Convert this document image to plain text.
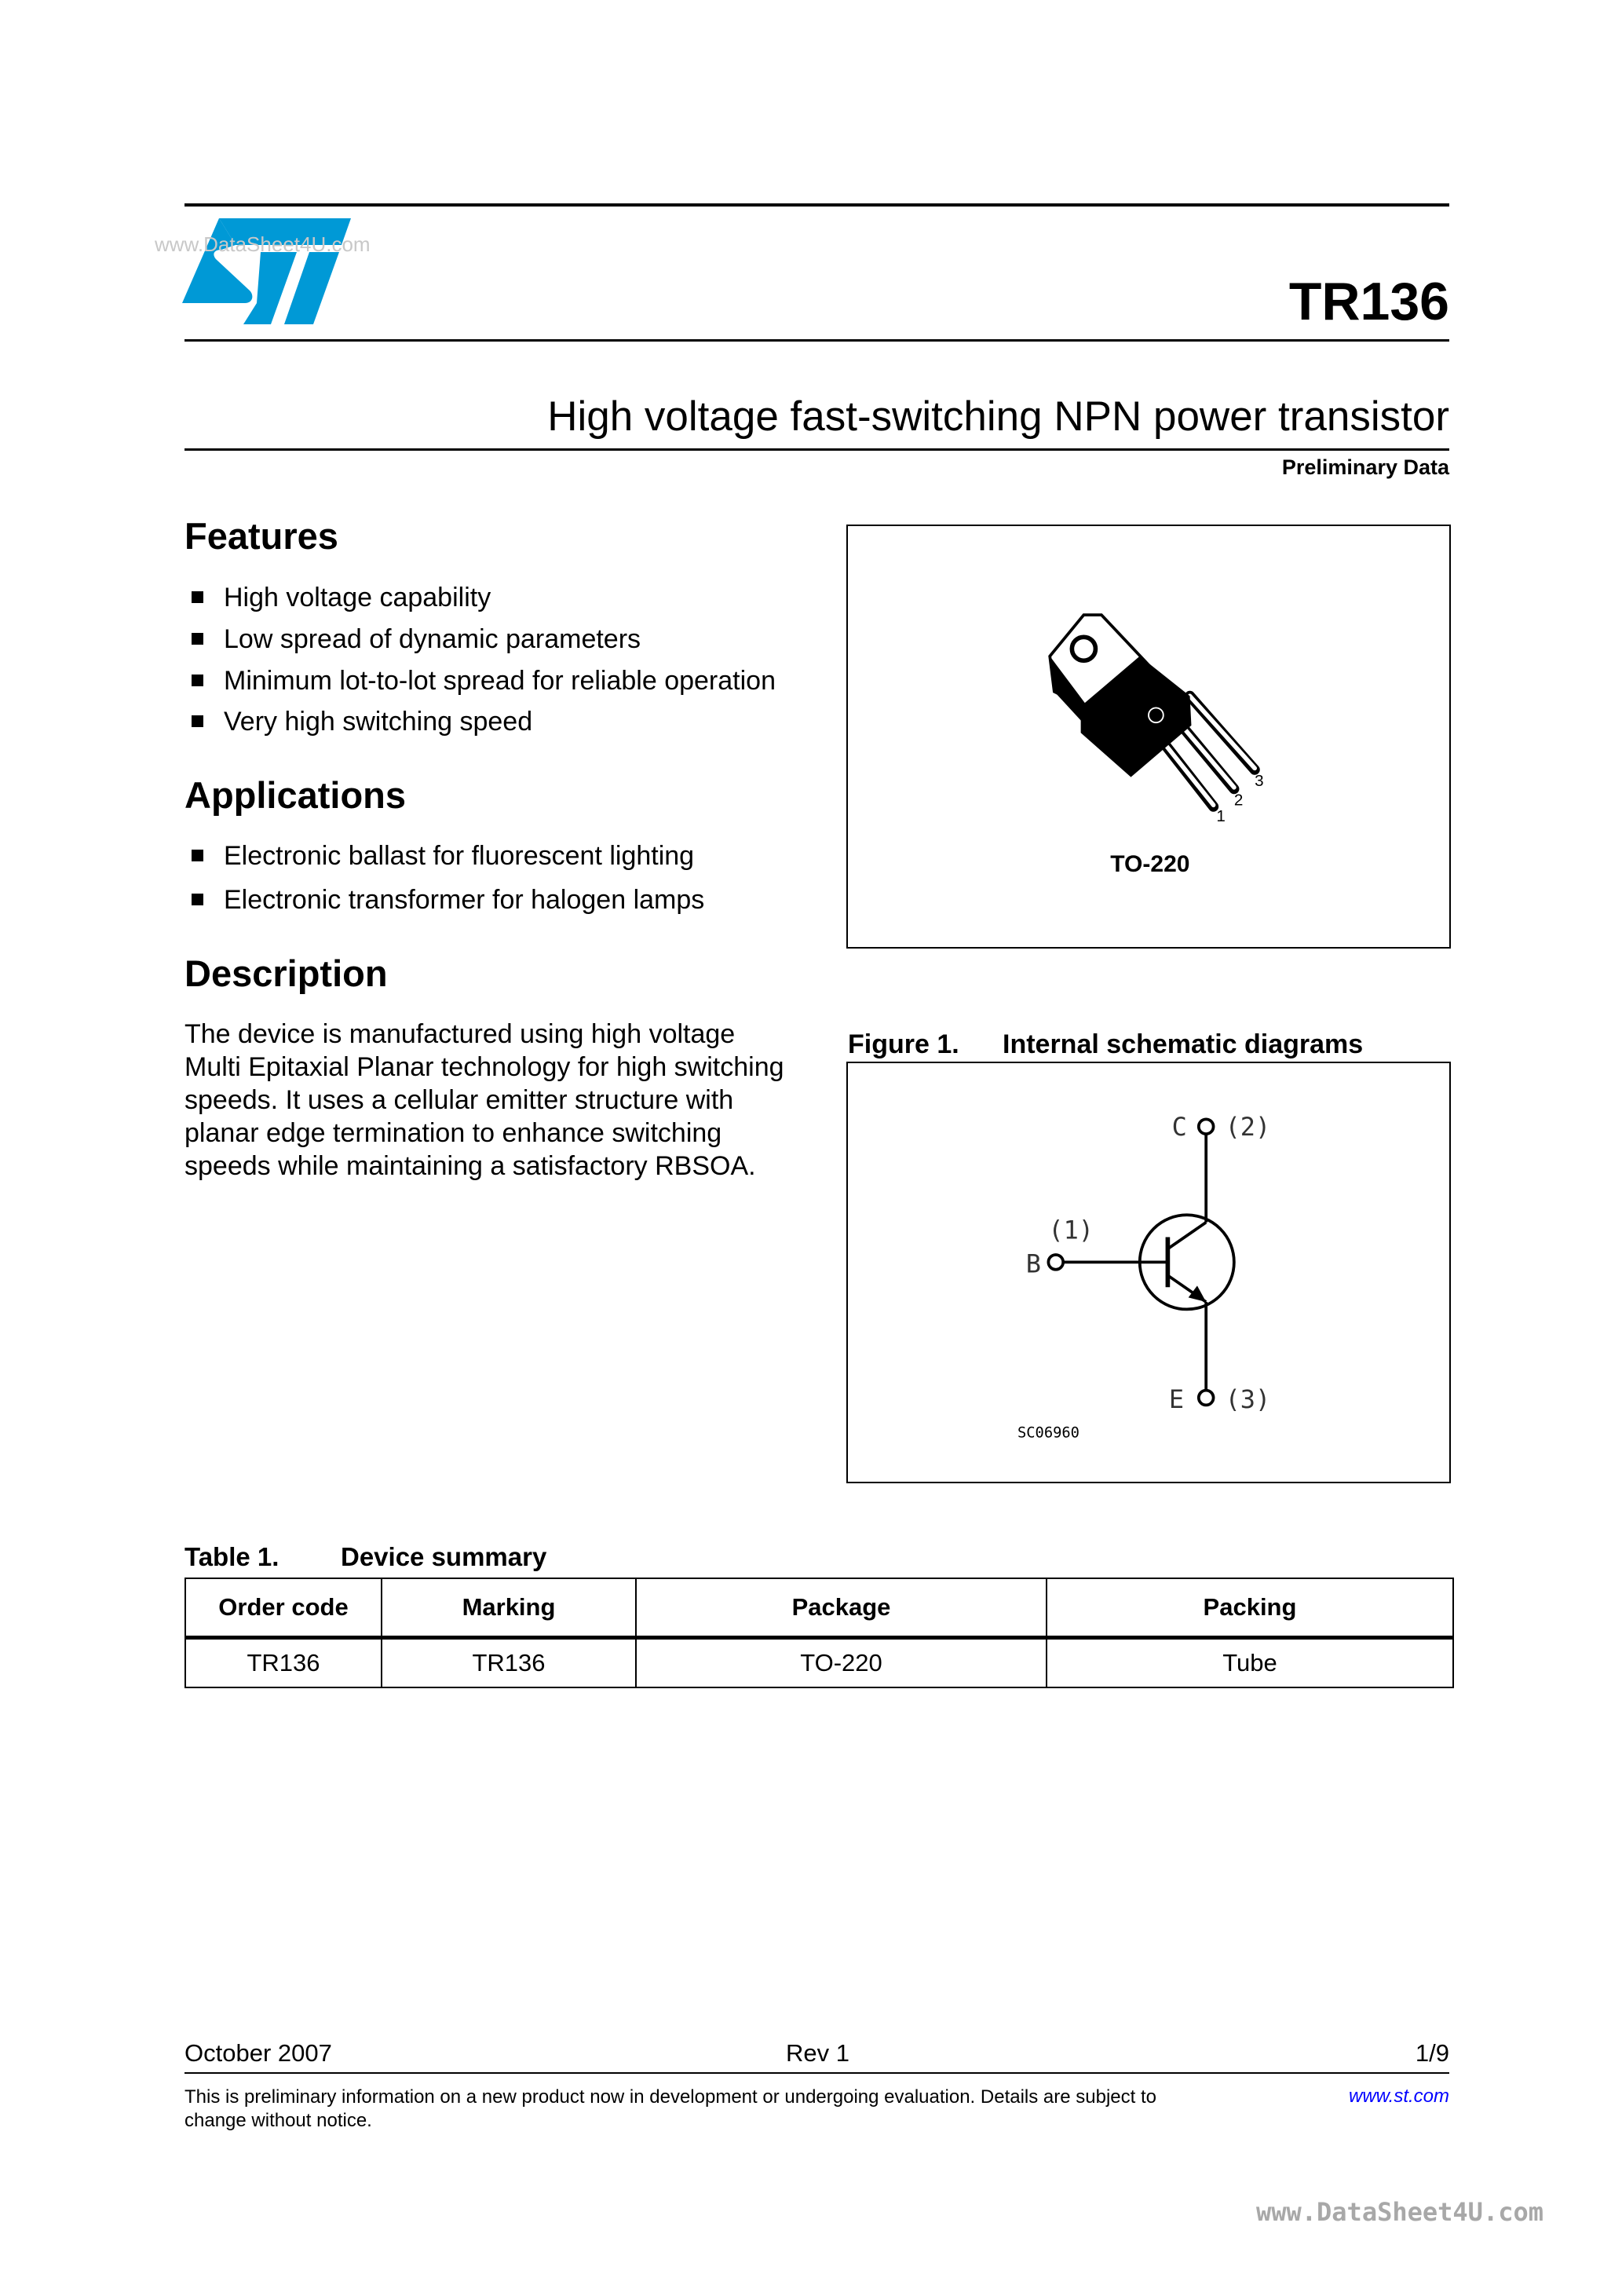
www.DataSheet4U.com
TR136
High voltage fast-switching NPN power transistor
Preliminary Data
Features
High voltage capability
Low spread of dynamic parameters
Minimum lot-to-lot spread for reliable operation
Very high switching speed
Applications
Electronic ballast for fluorescent lighting
Electronic transformer for halogen lamps
Description
The device is manufactured using high voltage Multi Epitaxial Planar technology for high switching speeds. It uses a cellular emitter structure with planar edge termination to enhance switching speeds while maintaining a satisfactory RBSOA.
1
2
3
TO-220
Figure 1. Internal schematic diagrams
C	(2)
(1)
B
E	(3)
SC06960
Table 1. Device summary
Order code	Marking	Package	Packing
TR136	TR136	TO-220	Tube
October 2007	Rev 1	1/9
This is preliminary information on a new product now in development or undergoing evaluation. Details are subject to change without notice.
www.st.com
www.DataSheet4U.com
